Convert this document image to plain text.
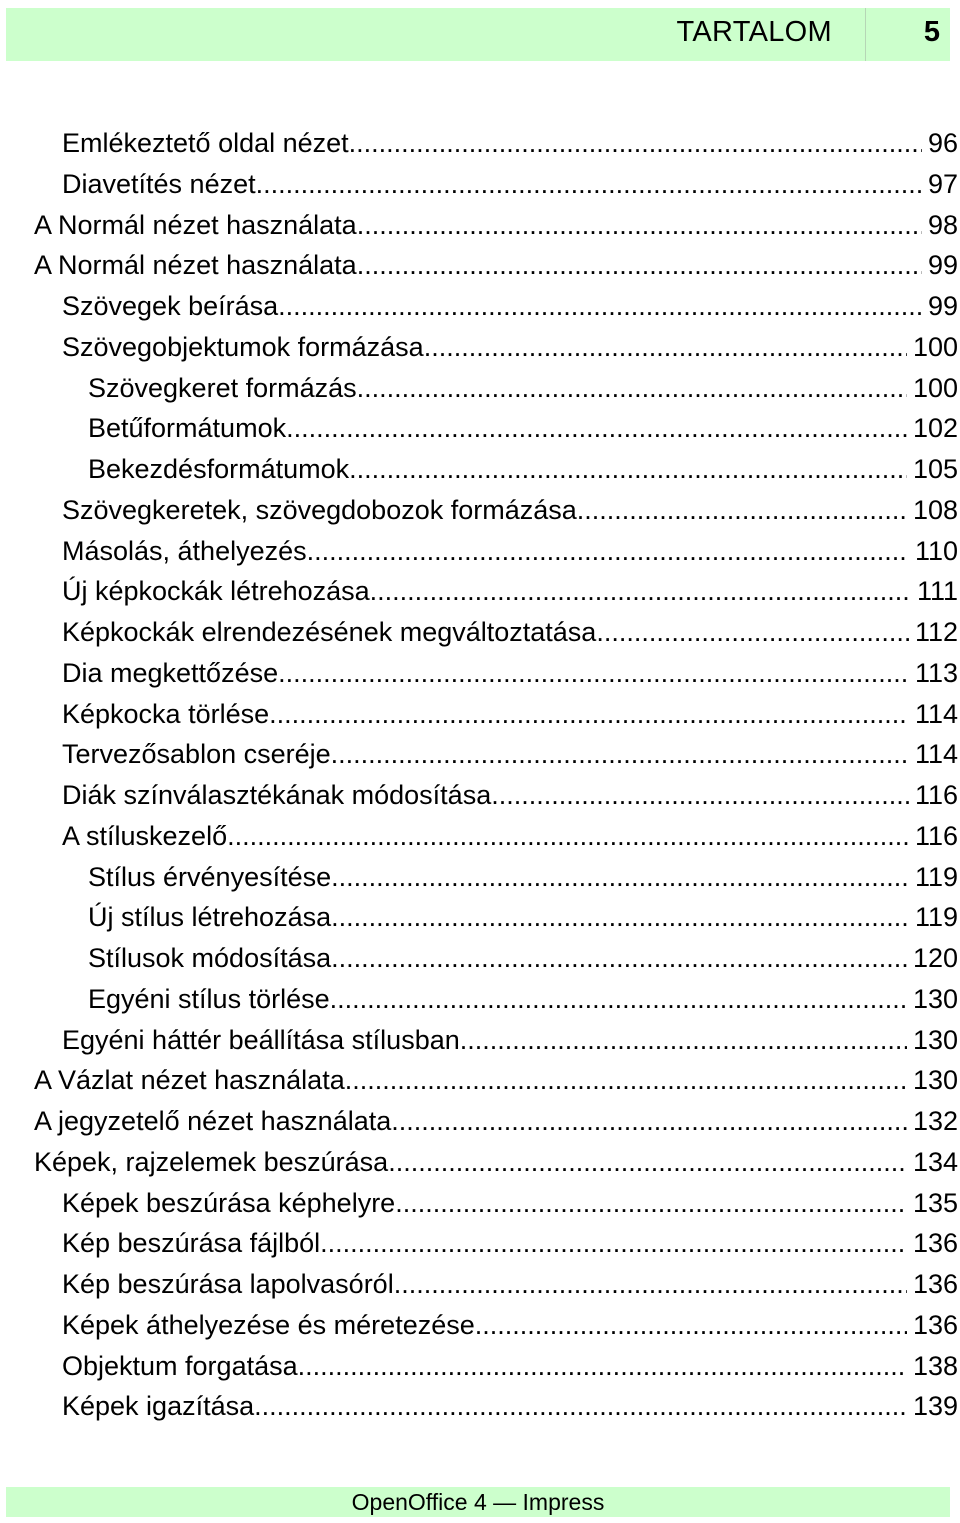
TARTALOM	5
Emlékeztető oldal nézet .....	96
Diavetítés nézet .....	97
A Normál nézet használata .....	98
A Normál nézet használata .....	99
Szövegek beírása .....	99
Szövegobjektumok formázása .....	100
Szövegkeret formázás .....	100
Betűformátumok .....	102
Bekezdésformátumok .....	105
Szövegkeretek, szövegdobozok formázása .....	108
Másolás, áthelyezés .....	110
Új képkockák létrehozása .....	111
Képkockák elrendezésének megváltoztatása .....	112
Dia megkettőzése .....	113
Képkocka törlése .....	114
Tervezősablon cseréje .....	114
Diák színválasztékának módosítása .....	116
A stíluskezelő .....	116
Stílus érvényesítése .....	119
Új stílus létrehozása .....	119
Stílusok módosítása .....	120
Egyéni stílus törlése .....	130
Egyéni háttér beállítása stílusban .....	130
A Vázlat nézet használata .....	130
A jegyzetelő nézet használata .....	132
Képek, rajzelemek beszúrása .....	134
Képek beszúrása képhelyre .....	135
Kép beszúrása fájlból .....	136
Kép beszúrása lapolvasóról .....	136
Képek áthelyezése és méretezése .....	136
Objektum forgatása .....	138
Képek igazítása .....	139
OpenOffice 4 — Impress
